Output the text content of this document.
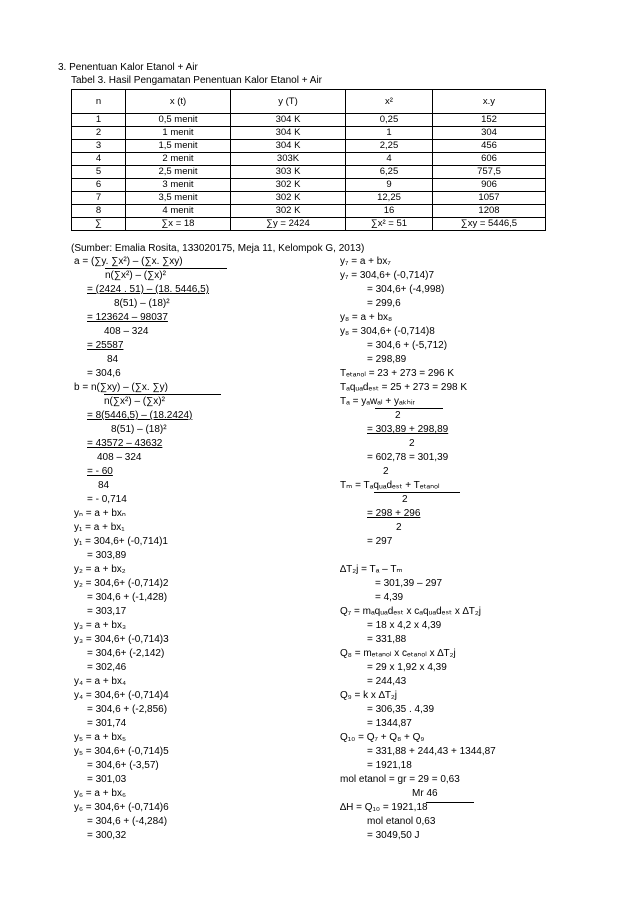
3. Penentuan Kalor Etanol + Air
Tabel 3. Hasil Pengamatan Penentuan Kalor Etanol + Air
n	x (t)	y (T)	x²	x.y
1	0,5 menit	304 K	0,25	152
2	1 menit	304 K	1	304
3	1,5 menit	304 K	2,25	456
4	2 menit	303K	4	606
5	2,5 menit	303 K	6,25	757,5
6	3 menit	302 K	9	906
7	3,5 menit	302 K	12,25	1057
8	4 menit	302 K	16	1208
∑	∑x = 18	∑y = 2424	∑x² = 51	∑xy = 5446,5
(Sumber: Emalia Rosita, 133020175, Meja 11, Kelompok G, 2013)
a = (∑y. ∑x²) – (∑x. ∑xy)
n(∑x²) – (∑x)²
= (2424 . 51) – (18. 5446,5)
8(51) – (18)²
= 123624 – 98037
408 – 324
= 25587
84
= 304,6
b = n(∑xy) – (∑x. ∑y)
n(∑x²) – (∑x)²
= 8(5446,5) – (18.2424)
8(51) – (18)²
= 43572 – 43632
408 – 324
= - 60
84
= - 0,714
yₙ = a + bxₙ
y₁ = a + bx₁
y₁ = 304,6+ (-0,714)1
= 303,89
y₂ = a + bx₂
y₂ = 304,6+ (-0,714)2
= 304,6 + (-1,428)
= 303,17
y₃ = a + bx₃
y₃ = 304,6+ (-0,714)3
= 304,6+ (-2,142)
= 302,46
y₄ = a + bx₄
y₄ = 304,6+ (-0,714)4
= 304,6 + (-2,856)
= 301,74
y₅ = a + bx₅
y₅ = 304,6+ (-0,714)5
= 304,6+ (-3,57)
= 301,03
y₆ = a + bx₆
y₆ = 304,6+ (-0,714)6
= 304,6 + (-4,284)
= 300,32
y₇ = a + bx₇
y₇ = 304,6+ (-0,714)7
= 304,6+ (-4,998)
= 299,6
y₈ = a + bx₈
y₈ = 304,6+ (-0,714)8
= 304,6 + (-5,712)
= 298,89
Tₑₜₐₙₒₗ = 23 + 273 = 296 K
Tₐqᵤₐdₑₛₜ = 25 + 273 = 298 K
Tₐ = yₐwₐₗ + yₐₖₕᵢᵣ
2
= 303,89 + 298,89
2
= 602,78 = 301,39
2
Tₘ = Tₐqᵤₐdₑₛₜ + Tₑₜₐₙₒₗ
2
= 298 + 296
2
= 297
∆T₂j = Tₐ – Tₘ
= 301,39 – 297
= 4,39
Q₇ = mₐqᵤₐdₑₛₜ x cₐqᵤₐdₑₛₜ x ∆T₂j
= 18 x 4,2 x 4,39
= 331,88
Q₈ = mₑₜₐₙₒₗ x cₑₜₐₙₒₗ x ∆T₂j
= 29 x 1,92 x 4,39
= 244,43
Q₉ = k x ∆T₂j
= 306,35 . 4,39
= 1344,87
Q₁₀ = Q₇ + Q₈ + Q₉
= 331,88 + 244,43 + 1344,87
= 1921,18
mol etanol = gr = 29 = 0,63
Mr 46
∆H = Q₁₀ = 1921,18
mol etanol 0,63
= 3049,50 J
